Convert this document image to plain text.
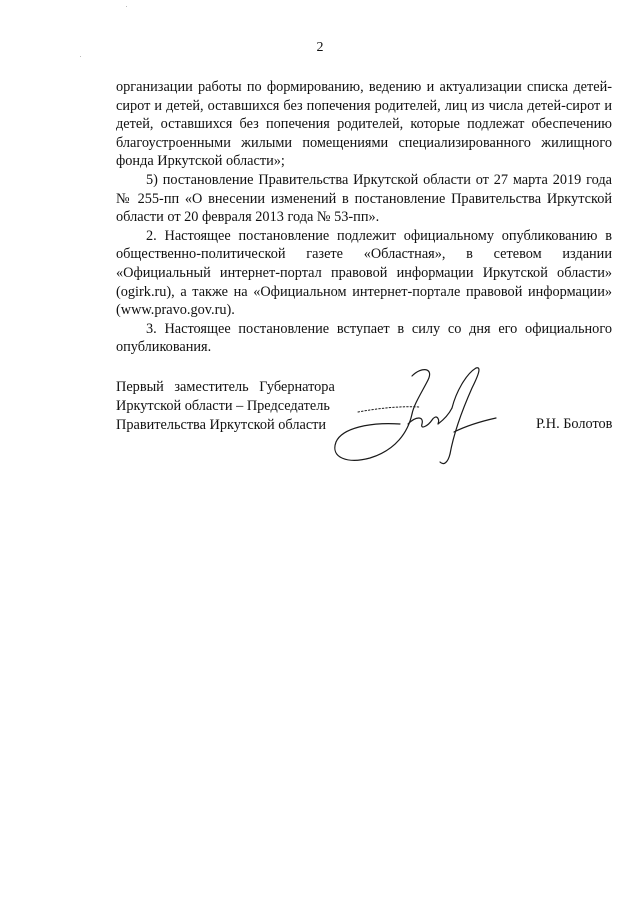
2

организации работы по формированию, ведению и актуализации списка детей-сирот и детей, оставшихся без попечения родителей, лиц из числа детей-сирот и детей, оставшихся без попечения родителей, которые подлежат обеспечению благоустроенными жилыми помещениями специализированного жилищного фонда Иркутской области»;

5) постановление Правительства Иркутской области от 27 марта 2019 года № 255-пп «О внесении изменений в постановление Правительства Иркутской области от 20 февраля 2013 года № 53-пп».

2. Настоящее постановление подлежит официальному опубликованию в общественно-политической газете «Областная», в сетевом издании «Официальный интернет-портал правовой информации Иркутской области» (ogirk.ru), а также на «Официальном интернет-портале правовой информации» (www.pravo.gov.ru).

3. Настоящее постановление вступает в силу со дня его официального опубликования.

Первый заместитель Губернатора
Иркутской области – Председатель
Правительства Иркутской области	Р.Н. Болотов
